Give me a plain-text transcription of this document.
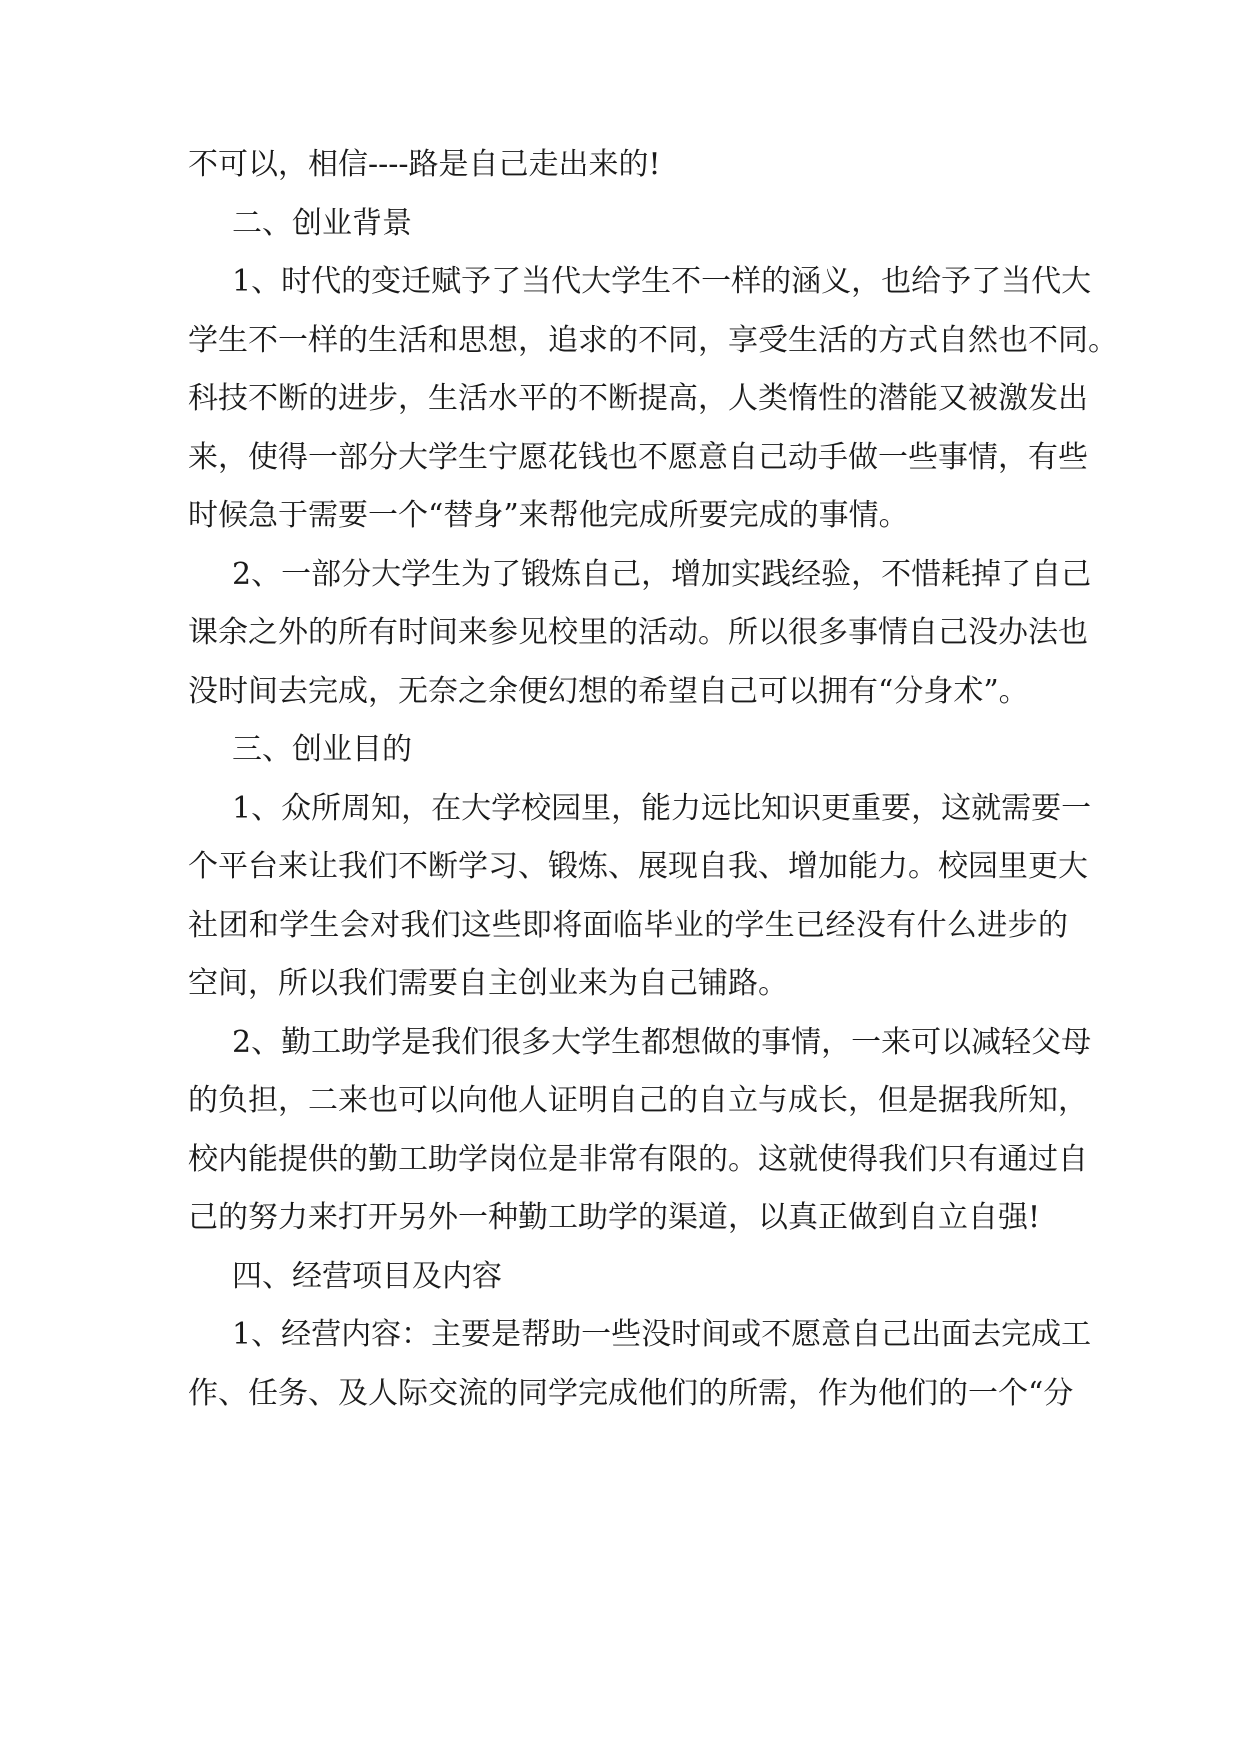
不可以，相信----路是自己走出来的!
二、创业背景
1、时代的变迁赋予了当代大学生不一样的涵义，也给予了当代大
学生不一样的生活和思想，追求的不同，享受生活的方式自然也不同。
科技不断的进步，生活水平的不断提高，人类惰性的潜能又被激发出
来，使得一部分大学生宁愿花钱也不愿意自己动手做一些事情，有些
时候急于需要一个“替身”来帮他完成所要完成的事情。
2、一部分大学生为了锻炼自己，增加实践经验，不惜耗掉了自己
课余之外的所有时间来参见校里的活动。所以很多事情自己没办法也
没时间去完成，无奈之余便幻想的希望自己可以拥有“分身术”。
三、创业目的
1、众所周知，在大学校园里，能力远比知识更重要，这就需要一
个平台来让我们不断学习、锻炼、展现自我、增加能力。校园里更大
社团和学生会对我们这些即将面临毕业的学生已经没有什么进步的
空间，所以我们需要自主创业来为自己铺路。
2、勤工助学是我们很多大学生都想做的事情，一来可以减轻父母
的负担，二来也可以向他人证明自己的自立与成长，但是据我所知，
校内能提供的勤工助学岗位是非常有限的。这就使得我们只有通过自
己的努力来打开另外一种勤工助学的渠道，以真正做到自立自强!
四、经营项目及内容
1、经营内容：主要是帮助一些没时间或不愿意自己出面去完成工
作、任务、及人际交流的同学完成他们的所需，作为他们的一个“分
